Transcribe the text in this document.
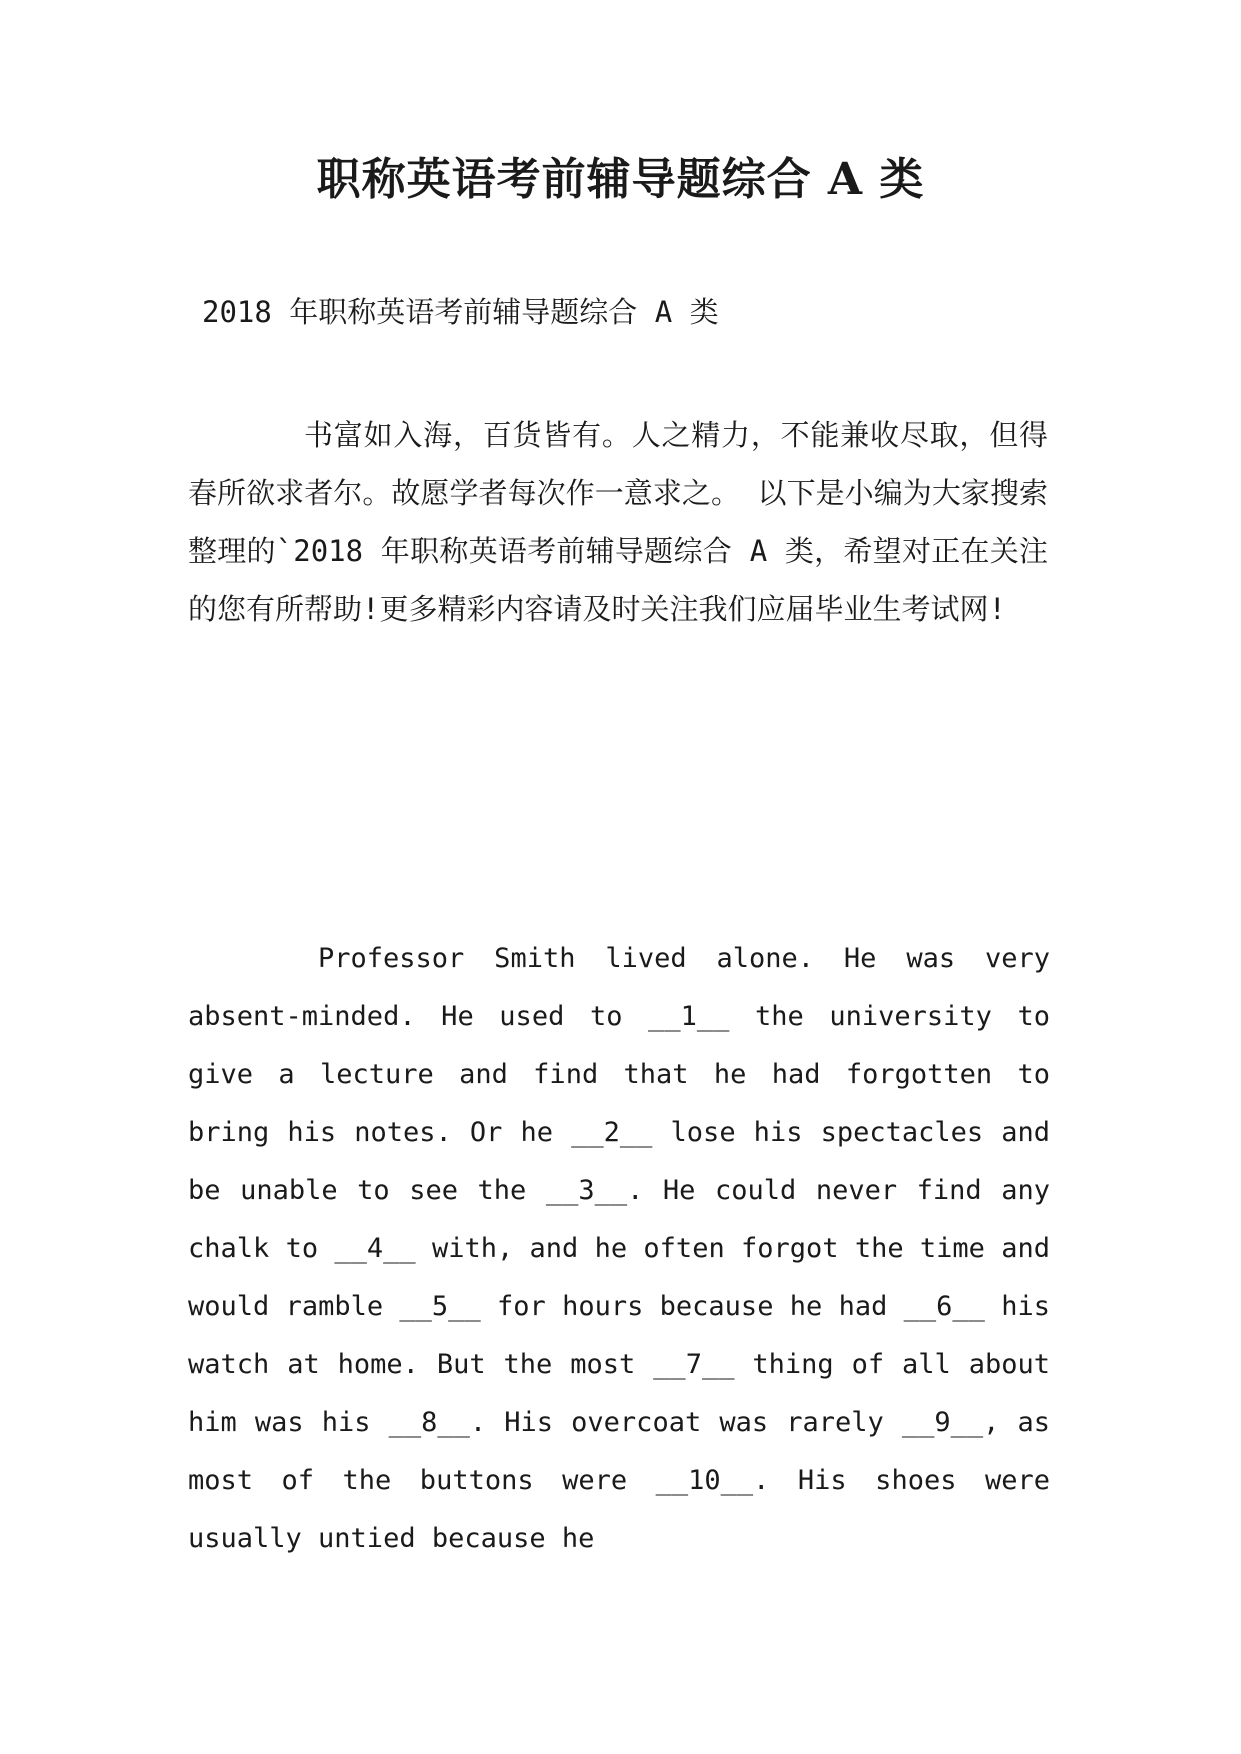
职称英语考前辅导题综合 A 类
2018 年职称英语考前辅导题综合 A 类

书富如入海，百货皆有。人之精力，不能兼收尽取，但得春所欲求者尔。故愿学者每次作一意求之。 以下是小编为大家搜索整理的`2018 年职称英语考前辅导题综合 A 类，希望对正在关注的您有所帮助!更多精彩内容请及时关注我们应届毕业生考试网!

Professor Smith lived alone. He was very absent-minded. He used to __1__ the university to give a lecture and find that he had forgotten to bring his notes. Or he __2__ lose his spectacles and be unable to see the __3__. He could never find any chalk to __4__ with, and he often forgot the time and would ramble __5__ for hours because he had __6__ his watch at home. But the most __7__ thing of all about him was his __8__. His overcoat was rarely __9__, as most of the buttons were __10__. His shoes were usually untied because he
